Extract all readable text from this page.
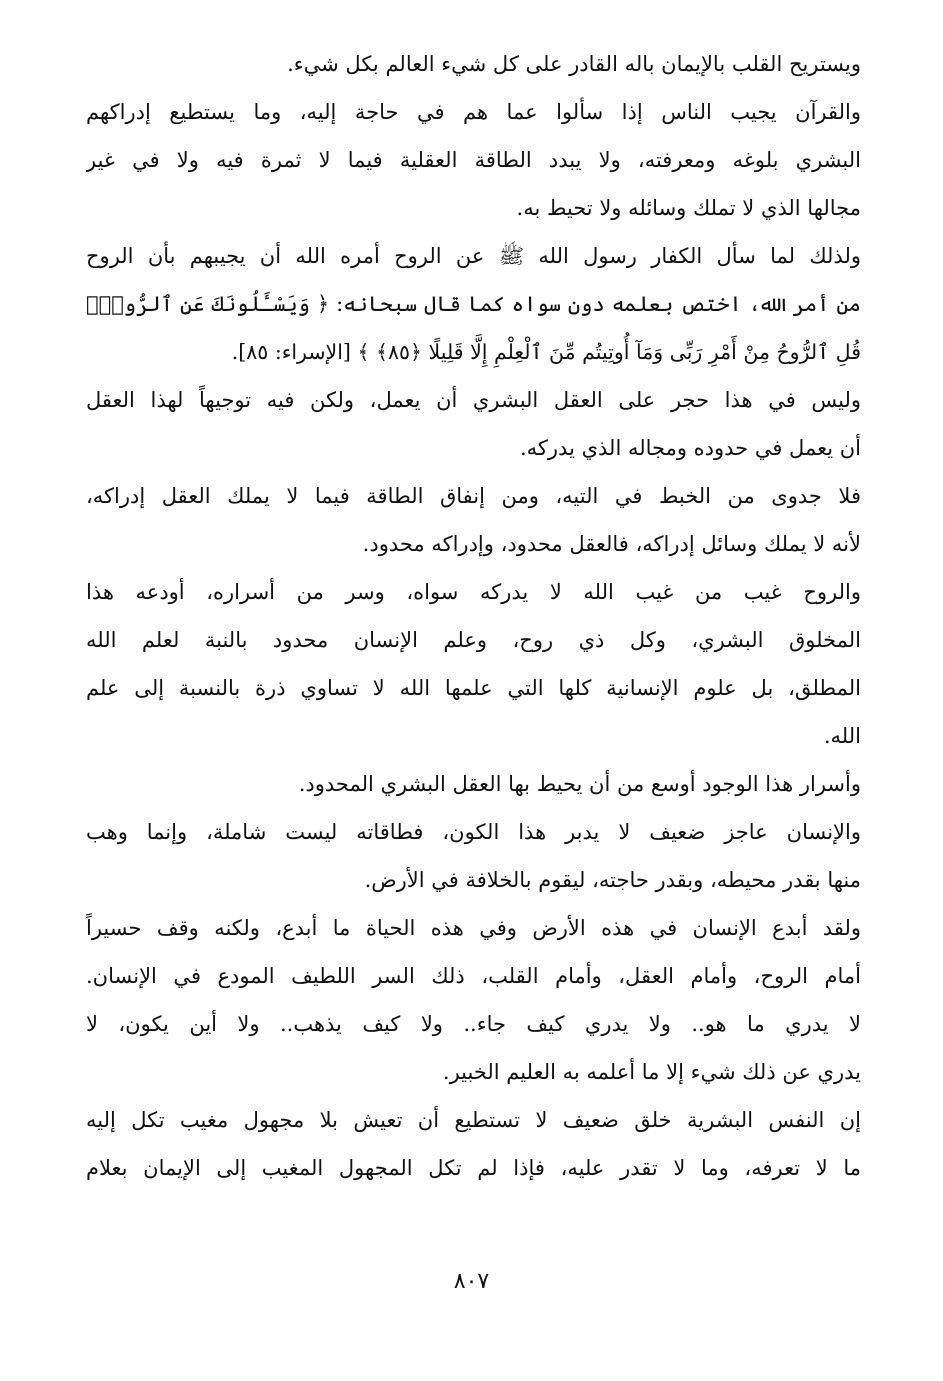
ويستريح القلب بالإيمان باله القادر على كل شيء العالم بكل شيء.
والقرآن يجيب الناس إذا سألوا عما هم في حاجة إليه، وما يستطيع إدراكهم
البشري بلوغه ومعرفته، ولا يبدد الطاقة العقلية فيما لا ثمرة فيه ولا في غير
مجالها الذي لا تملك وسائله ولا تحيط به.
ولذلك لما سأل الكفار رسول الله ﷺ عن الروح أمره الله أن يجيبهم بأن الروح
من أمر الله، اختص بعلمه دون سواه كما قال سبحانه: ﴿ وَيَسْـَٔلُونَكَ عَنِ ٱلرُّوحِۖ
قُلِ ٱلرُّوحُ مِنْ أَمْرِ رَبِّى وَمَآ أُوتِيتُم مِّنَ ٱلْعِلْمِ إِلَّا قَلِيلًا ﴿٨٥﴾ ﴾ [الإسراء: ٨٥].
وليس في هذا حجر على العقل البشري أن يعمل، ولكن فيه توجيهاً لهذا العقل
أن يعمل في حدوده ومجاله الذي يدركه.
فلا جدوى من الخبط في التيه، ومن إنفاق الطاقة فيما لا يملك العقل إدراكه،
لأنه لا يملك وسائل إدراكه، فالعقل محدود، وإدراكه محدود.
والروح غيب من غيب الله لا يدركه سواه، وسر من أسراره، أودعه هذا
المخلوق البشري، وكل ذي روح، وعلم الإنسان محدود بالنبة لعلم الله
المطلق، بل علوم الإنسانية كلها التي علمها الله لا تساوي ذرة بالنسبة إلى علم
الله.
وأسرار هذا الوجود أوسع من أن يحيط بها العقل البشري المحدود.
والإنسان عاجز ضعيف لا يدبر هذا الكون، فطاقاته ليست شاملة، وإنما وهب
منها بقدر محيطه، وبقدر حاجته، ليقوم بالخلافة في الأرض.
ولقد أبدع الإنسان في هذه الأرض وفي هذه الحياة ما أبدع، ولكنه وقف حسيراً
أمام الروح، وأمام العقل، وأمام القلب، ذلك السر اللطيف المودع في الإنسان.
لا يدري ما هو.. ولا يدري كيف جاء.. ولا كيف يذهب.. ولا أين يكون، لا
يدري عن ذلك شيء إلا ما أعلمه به العليم الخبير.
إن النفس البشرية خلق ضعيف لا تستطيع أن تعيش بلا مجهول مغيب تكل إليه
ما لا تعرفه، وما لا تقدر عليه، فإذا لم تكل المجهول المغيب إلى الإيمان بعلام
٨٠٧
